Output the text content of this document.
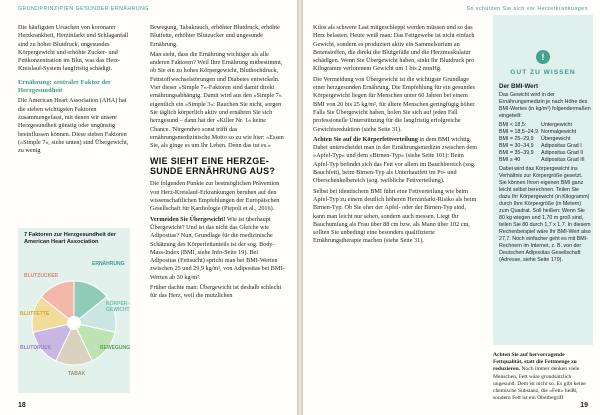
GRUNDPRINZIPIEN GESUNDER ERNÄHRUNG

Die häufigsten Ursachen von koronarer Herzkrankheit, Herzinfarkt und Schlaganfall sind zu hoher Blutdruck, ungesundes Körpergewicht und erhöhte Zucker- und Fettkonzentration im Blut, was das Herz-Kreislauf-System langfristig schädigt.

Ernährung: zentraler Faktor der Herzgesundheit

Die American Heart Association (AHA) hat die sieben wichtigsten Faktoren zusammengefasst, mit denen wir unsere Herzgesundheit günstig oder ungünstig beeinflussen können. Diese sieben Faktoren (»Simple 7«, siehe unten) sind Übergewicht, zu wenig

7 Faktoren zur Herzgesundheit der American Heart Association
ERNÄHRUNG
KÖRPER-
GEWICHT
BEWEGUNG
TABAK
BLUTDRUCK
BLUTFETTE
BLUTZUCKER

Bewegung, Tabakrauch, erhöhter Blutdruck, erhöhte Blutfette, erhöhter Blutzucker und ungesunde Ernährung.

Man sieht, dass die Ernährung wichtiger als alle anderen Faktoren? Weil Ihre Ernährung mitbestimmt, ob Sie ein zu hohes Körpergewicht, Bluthochdruck, Fettstoffwechselstörungen und Diabetes entwickeln. Vier dieser »Simple 7«-Faktoren sind damit direkt ernährungsabhängig. Damit wird aus den »Simple 7« eigentlich ein »Simple 3«: Rauchen Sie nicht, sorgen Sie täglich körperlich aktiv und ernähren Sie sich herzgesund – dann hat der »Killer Nr. 1« keine Chance. 'Nirgendwo sonst trifft das ernährungsmedizinische Motto so zu wie hier: »Essen Sie, als ginge es um Ihr Leben. Denn das tut es.«

WIE SIEHT EINE HERZGE-
SUNDE ERNÄHRUNG AUS?

Die folgenden Punkte zur bestmöglichen Prävention von Herz-Kreislauf-Erkrankungen beruhen auf den wissenschaftlichen Empfehlungen der Europäischen Gesellschaft für Kardiologie (Piepoli et al., 2016).

Vermeiden Sie Übergewicht! Wie ist überhaupt Übergewicht? Und ist das nicht das Gleiche wie Adipositas? Nun, Grundlage für die medizinische Schätzung des Körperfettanteils ist der sog. Body-Mass-Index (BMI, siehe Info-Seite 19). Bei Adipositas (Fettsucht) spricht man bei BMI-Werten zwischen 25 und 29,9 kg/m², von Adipositas bei BMI-Werten ab 30 kg/m².

Früher dachte man: Übergewicht ist deshalb schlecht für das Herz, weil die mutzlichen

18
So schützen Sie sich vor Herzerkrankungen

Kilos als schwere Last mitgeschleppt werden müssen und so das Herz belasten. Heute weiß man: Das Fettgewebe ist nicht einfach Gewicht, sondern es produziert aktiv ein Sammelsurium an Botenstoffen, die direkt die Blutgefäße und die Herzmuskulatur schädigen. Wenn Sie Übergewicht haben, sinkt Ihr Blutdruck pro Kilogramm verlorenem Gewicht um 1 bis 2 mmHg.

Die Vermeidung von Übergewicht ist die wichtigste Grundlage einer herzgesunden Ernährung. Die Empfehlung für ein gesundes Körpergewicht liegen für Menschen unter 60 Jahren bei einem BMI von 20 bis 25 kg/m², für ältere Menschen geringfügig höher. Falls Sie Übergewicht haben, holen Sie sich auf jeden Fall professionelle Unterstützung für die langfristig erfolgreiche Gewichtsreduktion (siehe Seite 31).

Achten Sie auf die Körperfettverteilung in dem BMI wichtig. Dabei unterscheidet man in der Ernährungsmedizin zwischen dem »Apfel-Typ« und dem »Birnen-Typ« (siehe Seite 101): Beim Apfel-Typ befindet sich das Fett vor allem im Bauchbereich (sog. Bauchfett), beim Birnen-Typ als Unterhautfett im Po- und Oberschenkelbereich (sog. weibliche Fettverteilung).

Selbst bei identischem BMI führt eine Fettverteilung wie beim Apfel-Typ zu einem deutlich höheren Herzinfarkt-Risiko als beim Birnen-Typ. Ob Sie eher der Apfel- oder der Birnen-Typ sind, kann man leicht nur sehen, sondern auch messen. Liegt Ihr Bauchumfang als Frau über 88 cm bzw. als Mann über 102 cm, sollten Sie unbedingt eine besonders qualifizierte Ernährungstherapie machen (siehe Seite 31).

!
GUT ZU WISSEN
Der BMI-Wert
Das Gewicht wird in der Ernährungsmedizin je nach Höhe des BMI-Wertes (in kg/m²) folgendermaßen eingeteilt:
BMI < 18,5:	Untergewicht
BMI = 18,5–24,9	Normalgewicht
BMI = 25–29,9	Übergewicht
BMI = 30–34,9	Adipositas Grad I
BMI = 35–39,9	Adipositas Grad II
BMI ≥ 40	Adipositas Grad III
Dabei wird das Körpergewicht ins Verhältnis zur Körpergröße gesetzt. Sie können Ihren eigenen BMI ganz leicht selbst berechnen. Teilen Sie dazu Ihr Körpergewicht (in Kilogramm) durch Ihre Körpergröße (in Metern) zum Quadrat. Soll heißen: Wenn Sie 80 kg wiegen und 1,70 m groß sind, teilen Sie 80 durch 1,7 x 1,7. In diesem Rechenbeispiel wäre Ihr BMI-Wert also 27,7. Noch einfacher geht es mit BMI-Rechnern im Internet, z. B. von der Deutschen Adipositas Gesellschaft (Adresse, siehe Seite 179).

Achten Sie auf hervorragende Fettqualität, statt die Fettmenge zu reduzieren. Noch immer denken viele Menschen, Fett wäre grundsätzlich ungesund. Dem ist nicht so. Es gibt keine chemische Substanz, die »Fett« heißt, sondern Fett ist ein Oberbegriff

19
